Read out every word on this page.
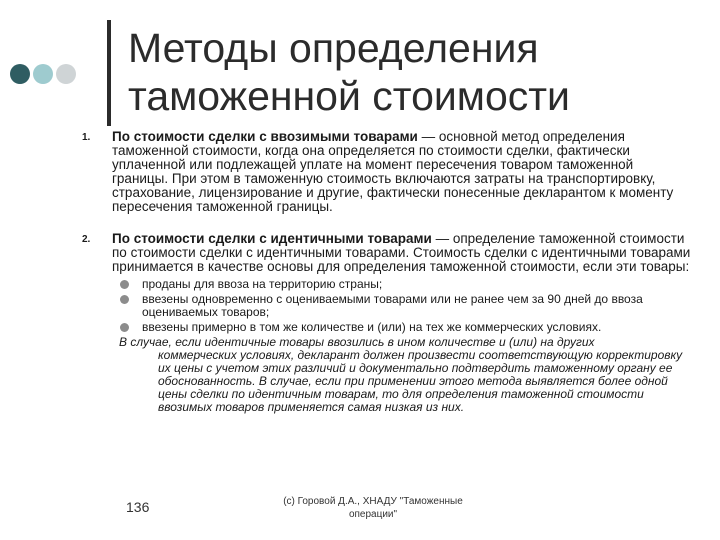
Методы определения
таможенной стоимости
1. По стоимости сделки с ввозимыми товарами — основной метод определения таможенной стоимости, когда она определяется по стоимости сделки, фактически уплаченной или подлежащей уплате на момент пересечения товаром таможенной границы. При этом в таможенную стоимость включаются затраты на транспортировку, страхование, лицензирование и другие, фактически понесенные декларантом к моменту пересечения таможенной границы.
2. По стоимости сделки с идентичными товарами — определение таможенной стоимости по стоимости сделки с идентичными товарами. Стоимость сделки с идентичными товарами принимается в качестве основы для определения таможенной стоимости, если эти товары:
проданы для ввоза на территорию страны;
ввезены одновременно с оцениваемыми товарами или не ранее чем за 90 дней до ввоза оцениваемых товаров;
ввезены примерно в том же количестве и (или) на тех же коммерческих условиях.
В случае, если идентичные товары ввозились в ином количестве и (или) на других
коммерческих условиях, декларант должен произвести соответствующую корректировку их цены с учетом этих различий и документально подтвердить таможенному органу ее обоснованность. В случае, если при применении этого метода выявляется более одной цены сделки по идентичным товарам, то для определения таможенной стоимости ввозимых товаров применяется самая низкая из них.
136	(c) Горовой Д.А., ХНАДУ "Таможенные операции"
